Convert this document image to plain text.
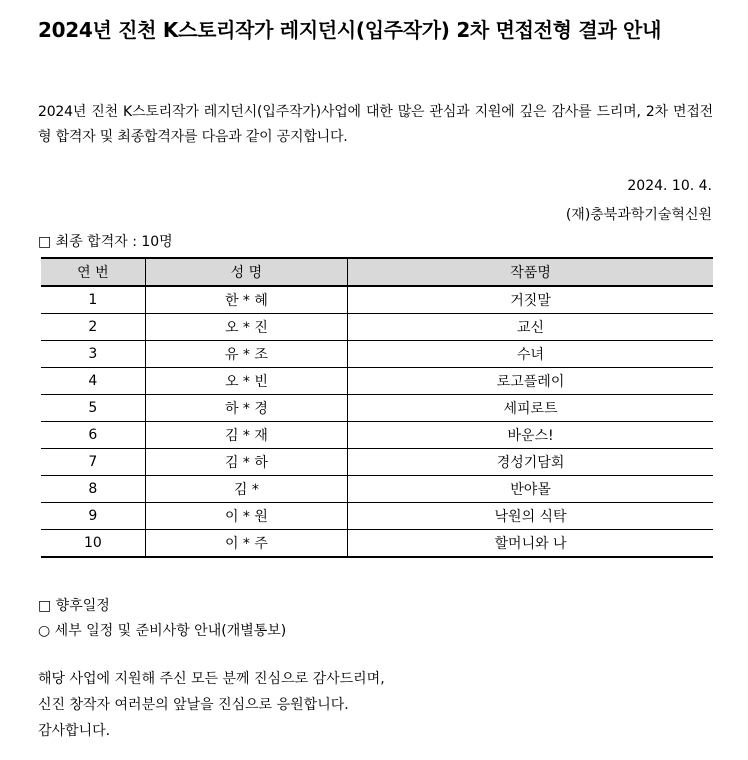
2024년 진천 K스토리작가 레지던시(입주작가) 2차 면접전형 결과 안내
2024년 진천 K스토리작가 레지던시(입주작가)사업에 대한 많은 관심과 지원에 깊은 감사를 드리며, 2차 면접전형 합격자 및 최종합격자를 다음과 같이 공지합니다.
2024. 10. 4.
(재)충북과학기술혁신원
□ 최종 합격자 : 10명
연 번	성 명	작품명
1	한 * 혜	거짓말
2	오 * 진	교신
3	유 * 조	수녀
4	오 * 빈	로고플레이
5	하 * 경	세피로트
6	김 * 재	바운스!
7	김 * 하	경성기담회
8	김 *	반야몰
9	이 * 원	낙원의 식탁
10	이 * 주	할머니와 나
□ 향후일정
○ 세부 일정 및 준비사항 안내(개별통보)
해당 사업에 지원해 주신 모든 분께 진심으로 감사드리며,
신진 창작자 여러분의 앞날을 진심으로 응원합니다.
감사합니다.
